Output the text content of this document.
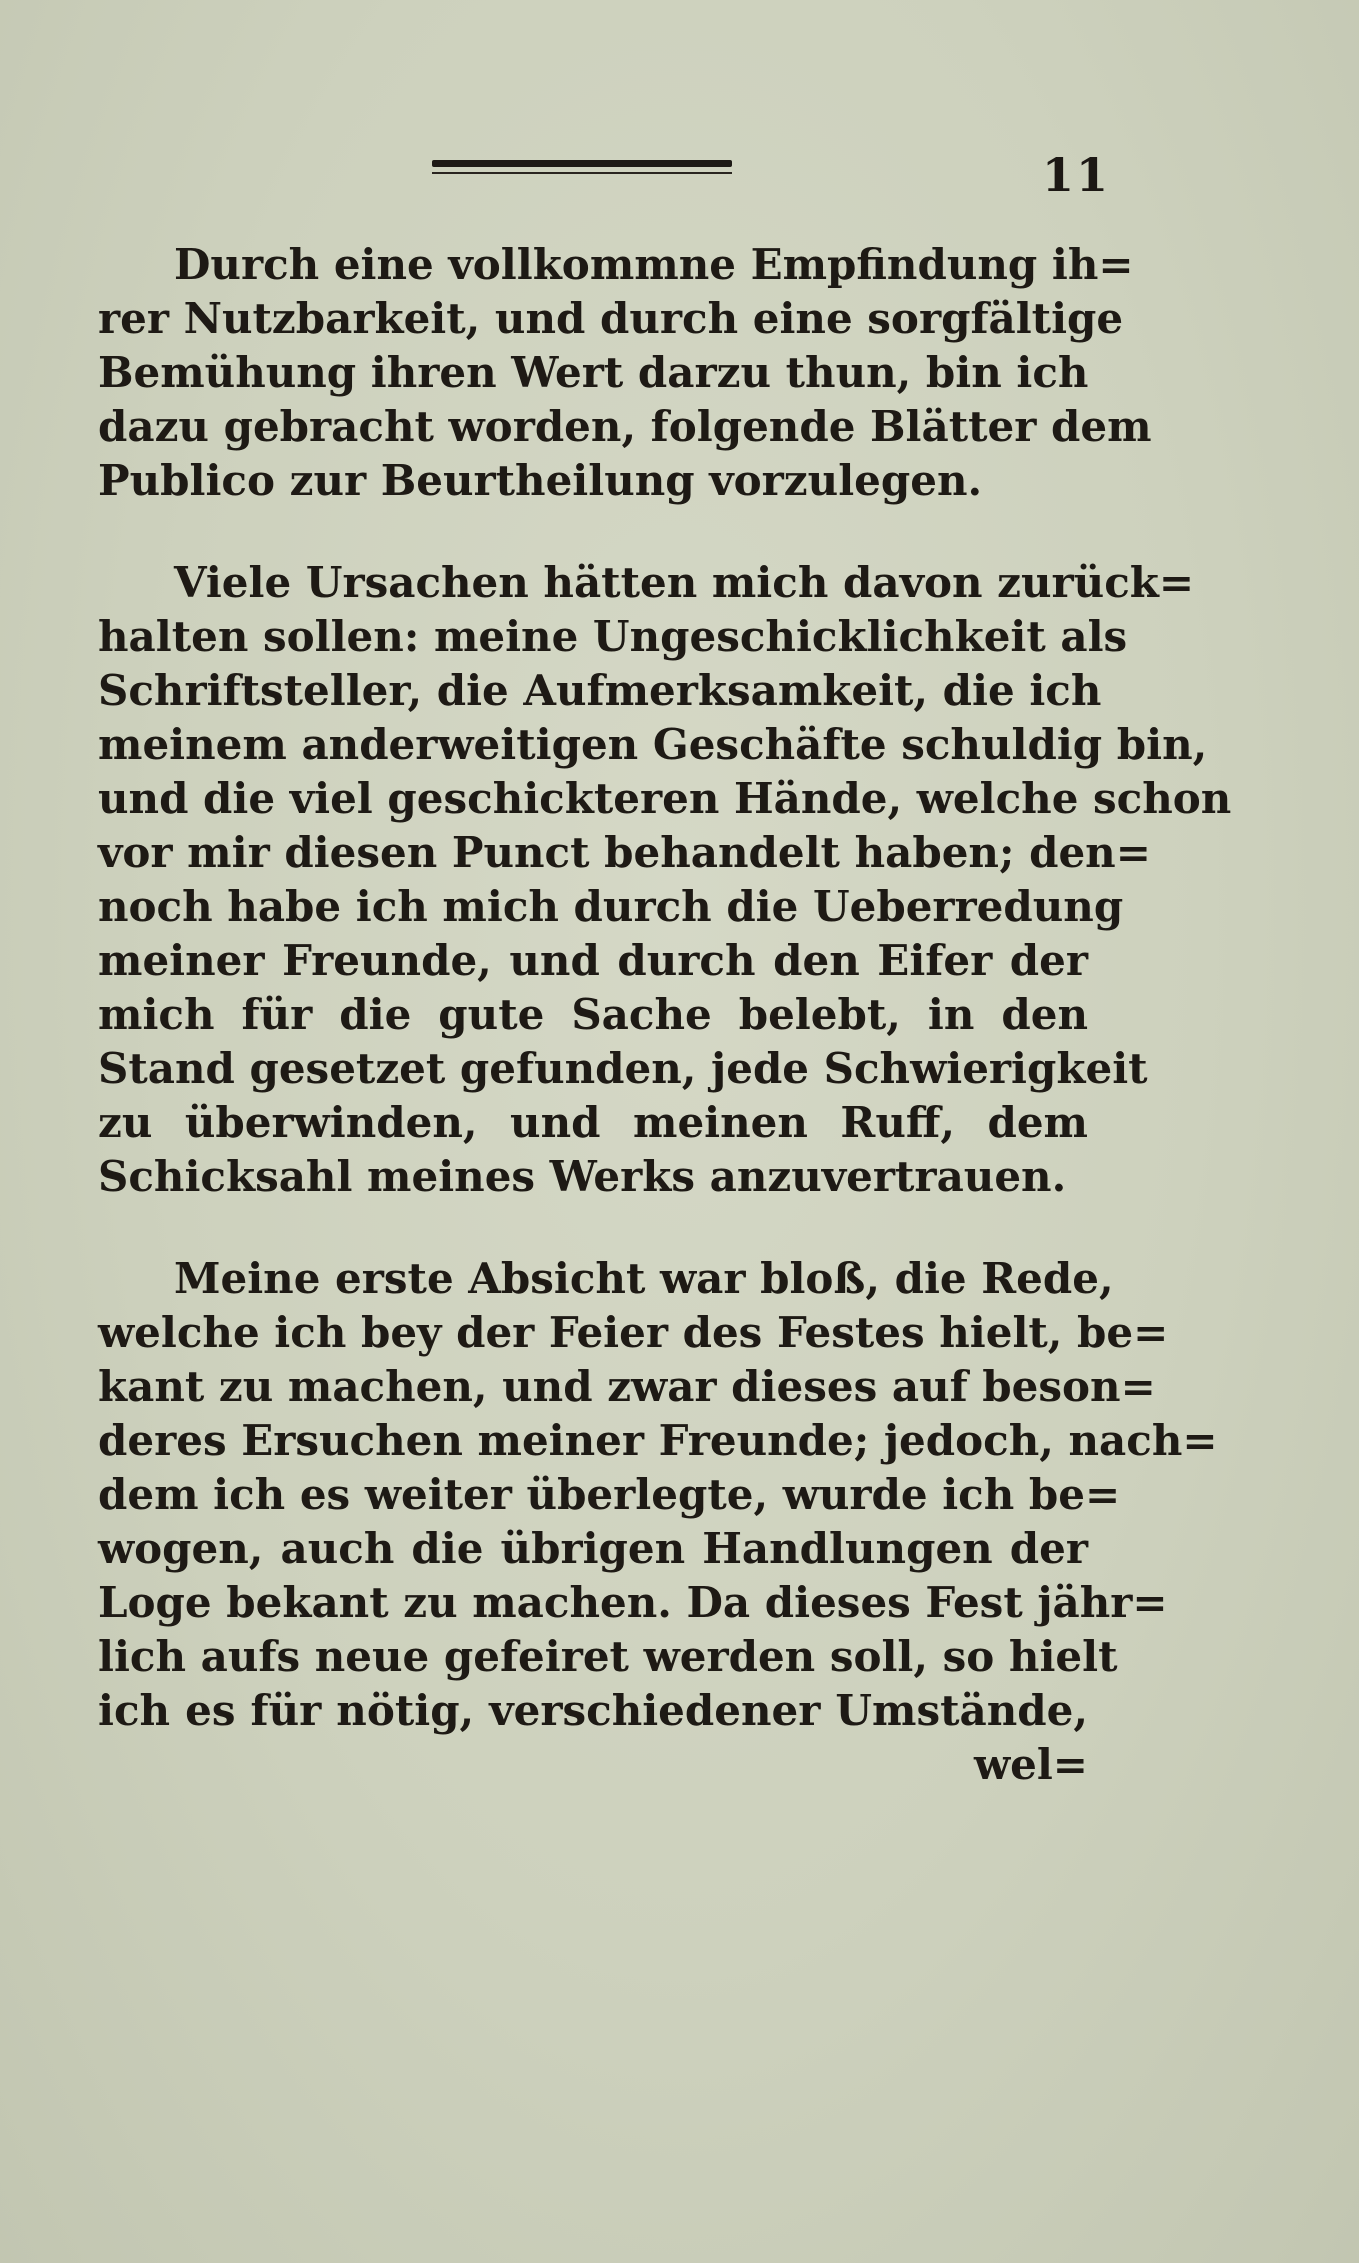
11
Durch eine vollkommne Empfindung ih=
rer Nutzbarkeit, und durch eine sorgfältige
Bemühung ihren Wert darzu thun, bin ich
dazu gebracht worden, folgende Blätter dem
Publico zur Beurtheilung vorzulegen.
Viele Ursachen hätten mich davon zurück=
halten sollen: meine Ungeschicklichkeit als
Schriftsteller, die Aufmerksamkeit, die ich
meinem anderweitigen Geschäfte schuldig bin,
und die viel geschickteren Hände, welche schon
vor mir diesen Punct behandelt haben; den=
noch habe ich mich durch die Ueberredung
meiner Freunde, und durch den Eifer der
mich für die gute Sache belebt, in den
Stand gesetzet gefunden, jede Schwierigkeit
zu überwinden, und meinen Ruff, dem
Schicksahl meines Werks anzuvertrauen.
Meine erste Absicht war bloß, die Rede,
welche ich bey der Feier des Festes hielt, be=
kant zu machen, und zwar dieses auf beson=
deres Ersuchen meiner Freunde; jedoch, nach=
dem ich es weiter überlegte, wurde ich be=
wogen, auch die übrigen Handlungen der
Loge bekant zu machen. Da dieses Fest jähr=
lich aufs neue gefeiret werden soll, so hielt
ich es für nötig, verschiedener Umstände,
wel=
